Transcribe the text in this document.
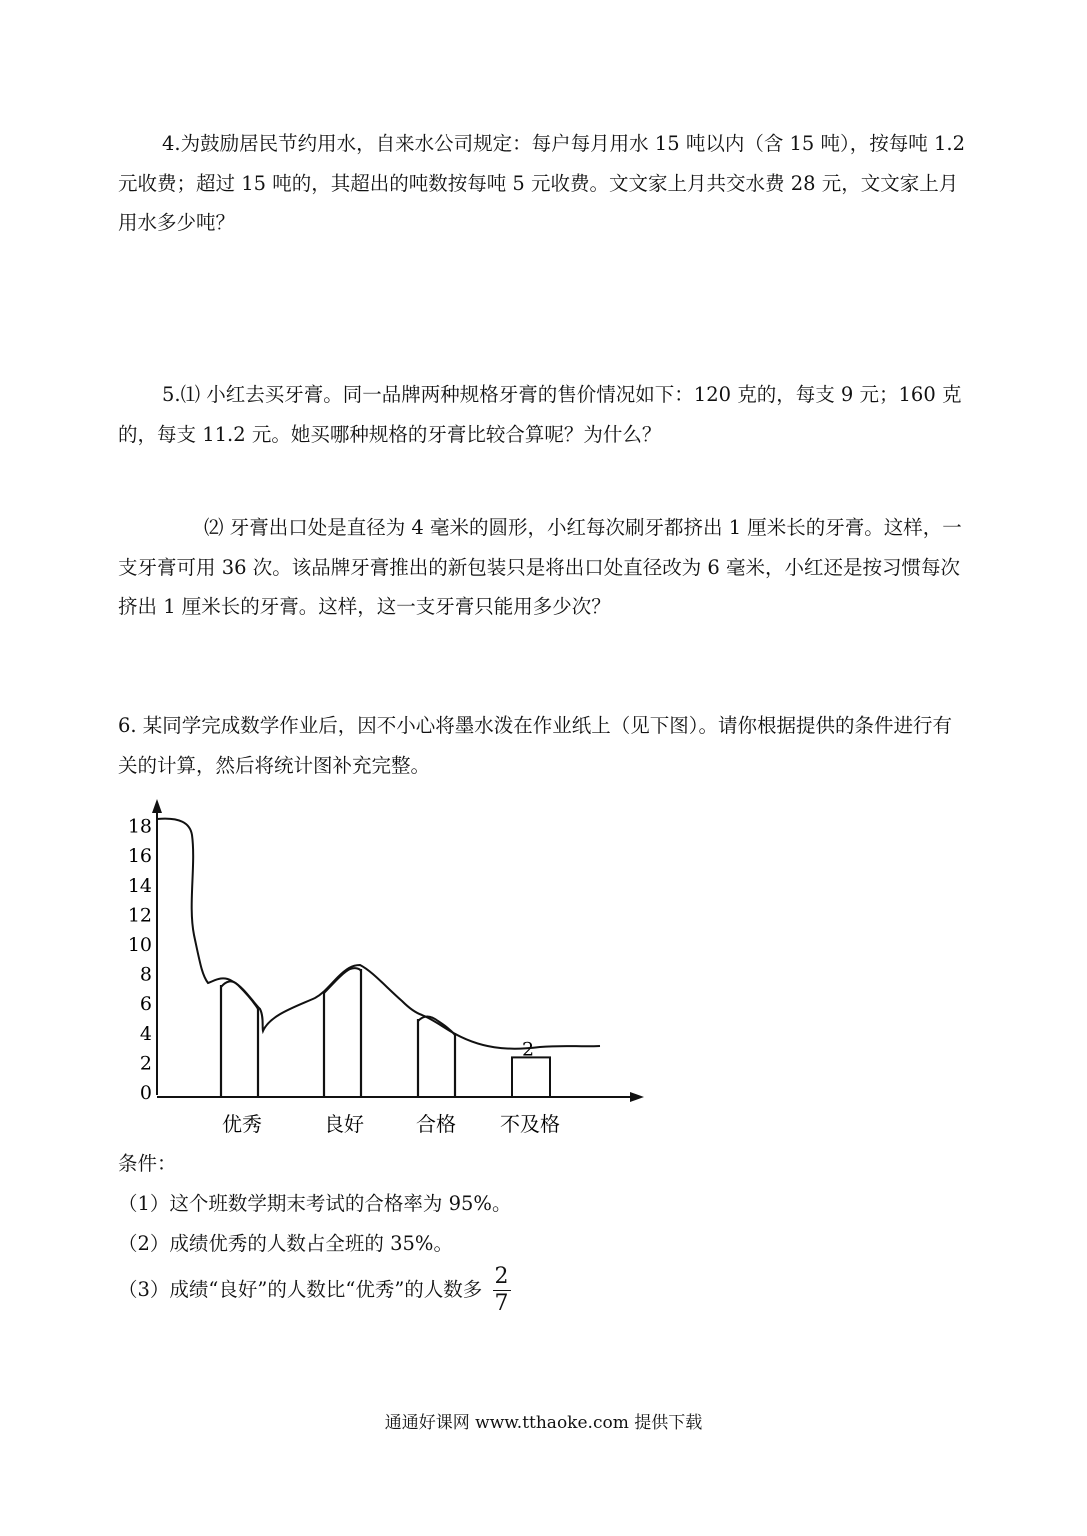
4.为鼓励居民节约用水，自来水公司规定：每户每月用水 15 吨以内（含 15 吨），按每吨 1.2 元收费；超过 15 吨的，其超出的吨数按每吨 5 元收费。文文家上月共交水费 28 元，文文家上月用水多少吨？

5.⑴ 小红去买牙膏。同一品牌两种规格牙膏的售价情况如下：120 克的，每支 9 元；160 克的，每支 11.2 元。她买哪种规格的牙膏比较合算呢？为什么？

⑵ 牙膏出口处是直径为 4 毫米的圆形，小红每次刷牙都挤出 1 厘米长的牙膏。这样，一支牙膏可用 36 次。该品牌牙膏推出的新包装只是将出口处直径改为 6 毫米，小红还是按习惯每次挤出 1 厘米长的牙膏。这样，这一支牙膏只能用多少次？

6. 某同学完成数学作业后，因不小心将墨水泼在作业纸上（见下图）。请你根据提供的条件进行有关的计算，然后将统计图补充完整。

0
2
4
6
8
10
12
14
16
18
2
优秀	良好	合格 不及格

条件：

（1）这个班数学期末考试的合格率为 95%。

（2）成绩优秀的人数占全班的 35%。

（3）成绩“良好”的人数比“优秀”的人数多 $\frac{2}{7}$

通通好课网 www.tthaoke.com 提供下载
